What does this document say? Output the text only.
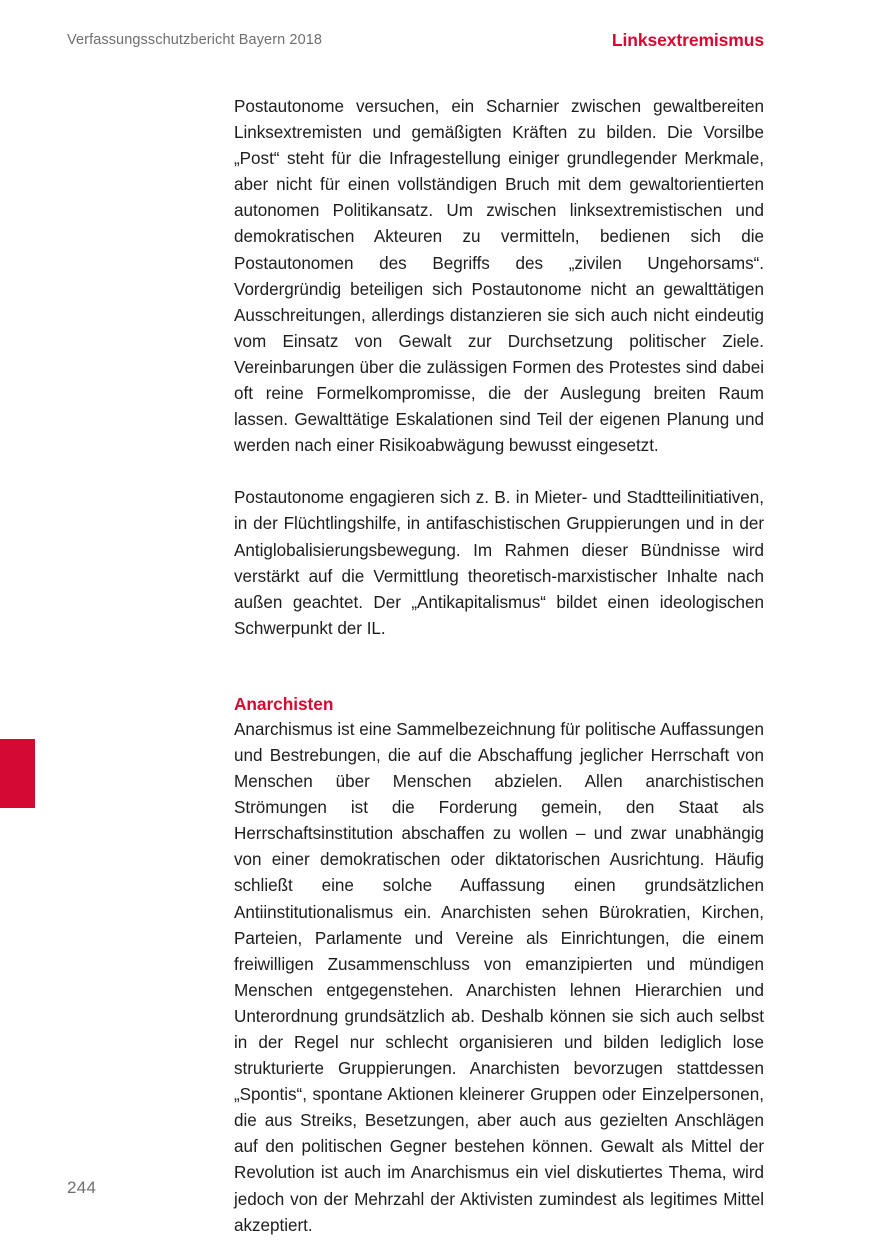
Verfassungsschutzbericht Bayern 2018	Linksextremismus

Postautonome versuchen, ein Scharnier zwischen gewaltbereiten Linksextremisten und gemäßigten Kräften zu bilden. Die Vorsilbe „Post“ steht für die Infragestellung einiger grundlegender Merkmale, aber nicht für einen vollständigen Bruch mit dem gewaltorientierten autonomen Politikansatz. Um zwischen linksextremistischen und demokratischen Akteuren zu vermitteln, bedienen sich die Postautonomen des Begriffs des „zivilen Ungehorsams“. Vordergründig beteiligen sich Postautonome nicht an gewalttätigen Ausschreitungen, allerdings distanzieren sie sich auch nicht eindeutig vom Einsatz von Gewalt zur Durchsetzung politischer Ziele. Vereinbarungen über die zulässigen Formen des Protestes sind dabei oft reine Formelkompromisse, die der Auslegung breiten Raum lassen. Gewalttätige Eskalationen sind Teil der eigenen Planung und werden nach einer Risikoabwägung bewusst eingesetzt.

Postautonome engagieren sich z. B. in Mieter- und Stadtteilinitiativen, in der Flüchtlingshilfe, in antifaschistischen Gruppierungen und in der Antiglobalisierungsbewegung. Im Rahmen dieser Bündnisse wird verstärkt auf die Vermittlung theoretisch-marxistischer Inhalte nach außen geachtet. Der „Antikapitalismus“ bildet einen ideologischen Schwerpunkt der IL.

Anarchisten

Anarchismus ist eine Sammelbezeichnung für politische Auffassungen und Bestrebungen, die auf die Abschaffung jeglicher Herrschaft von Menschen über Menschen abzielen. Allen anarchistischen Strömungen ist die Forderung gemein, den Staat als Herrschaftsinstitution abschaffen zu wollen – und zwar unabhängig von einer demokratischen oder diktatorischen Ausrichtung. Häufig schließt eine solche Auffassung einen grundsätzlichen Antiinstitutionalismus ein. Anarchisten sehen Bürokratien, Kirchen, Parteien, Parlamente und Vereine als Einrichtungen, die einem freiwilligen Zusammenschluss von emanzipierten und mündigen Menschen entgegenstehen. Anarchisten lehnen Hierarchien und Unterordnung grundsätzlich ab. Deshalb können sie sich auch selbst in der Regel nur schlecht organisieren und bilden lediglich lose strukturierte Gruppierungen. Anarchisten bevorzugen stattdessen „Spontis“, spontane Aktionen kleinerer Gruppen oder Einzelpersonen, die aus Streiks, Besetzungen, aber auch aus gezielten Anschlägen auf den politischen Gegner bestehen können. Gewalt als Mittel der Revolution ist auch im Anarchismus ein viel diskutiertes Thema, wird jedoch von der Mehrzahl der Aktivisten zumindest als legitimes Mittel akzeptiert.

244
